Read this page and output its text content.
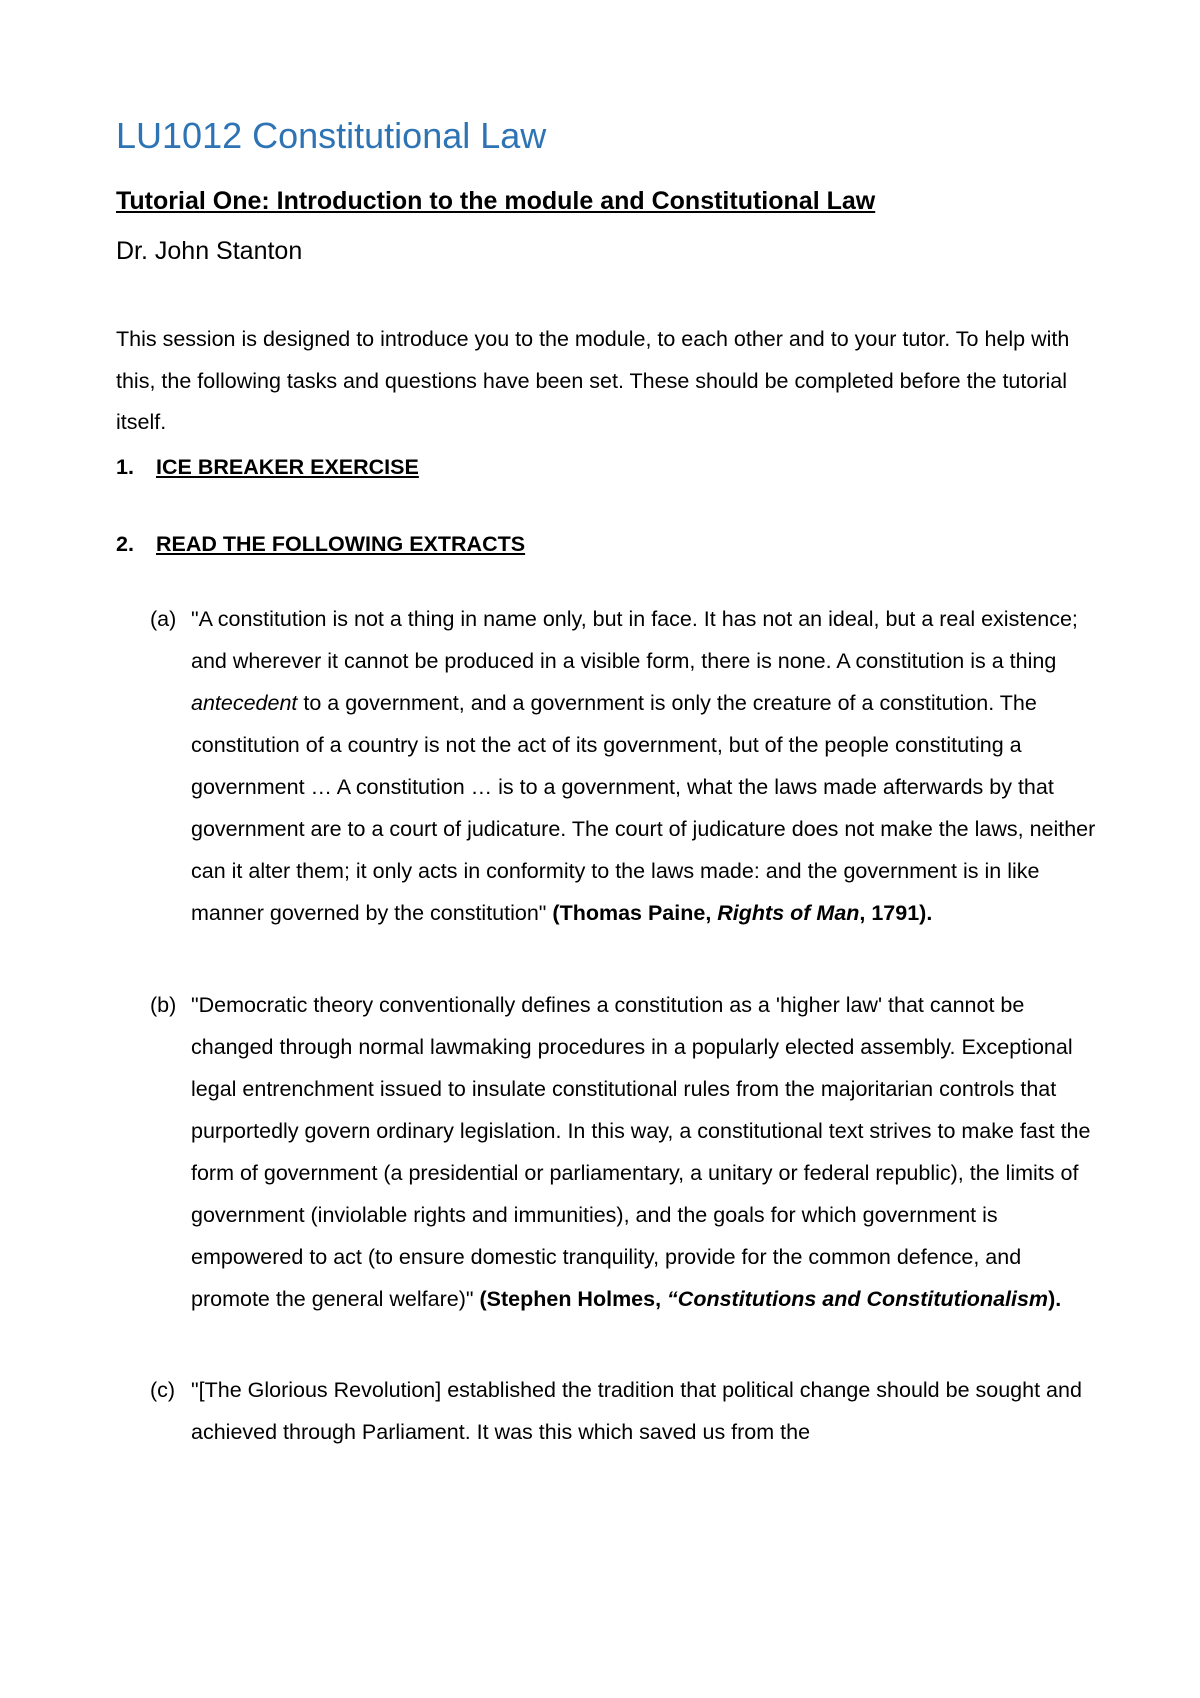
LU1012 Constitutional Law
Tutorial One: Introduction to the module and Constitutional Law

Dr. John Stanton

This session is designed to introduce you to the module, to each other and to your tutor. To help with this, the following tasks and questions have been set. These should be completed before the tutorial itself.

1. ICE BREAKER EXERCISE

2. READ THE FOLLOWING EXTRACTS

(a) "A constitution is not a thing in name only, but in face. It has not an ideal, but a real existence; and wherever it cannot be produced in a visible form, there is none. A constitution is a thing antecedent to a government, and a government is only the creature of a constitution. The constitution of a country is not the act of its government, but of the people constituting a government … A constitution … is to a government, what the laws made afterwards by that government are to a court of judicature. The court of judicature does not make the laws, neither can it alter them; it only acts in conformity to the laws made: and the government is in like manner governed by the constitution" (Thomas Paine, Rights of Man, 1791).
(b) "Democratic theory conventionally defines a constitution as a 'higher law' that cannot be changed through normal lawmaking procedures in a popularly elected assembly. Exceptional legal entrenchment issued to insulate constitutional rules from the majoritarian controls that purportedly govern ordinary legislation. In this way, a constitutional text strives to make fast the form of government (a presidential or parliamentary, a unitary or federal republic), the limits of government (inviolable rights and immunities), and the goals for which government is empowered to act (to ensure domestic tranquility, provide for the common defence, and promote the general welfare)" (Stephen Holmes, “Constitutions and Constitutionalism).
(c) "[The Glorious Revolution] established the tradition that political change should be sought and achieved through Parliament. It was this which saved us from the
